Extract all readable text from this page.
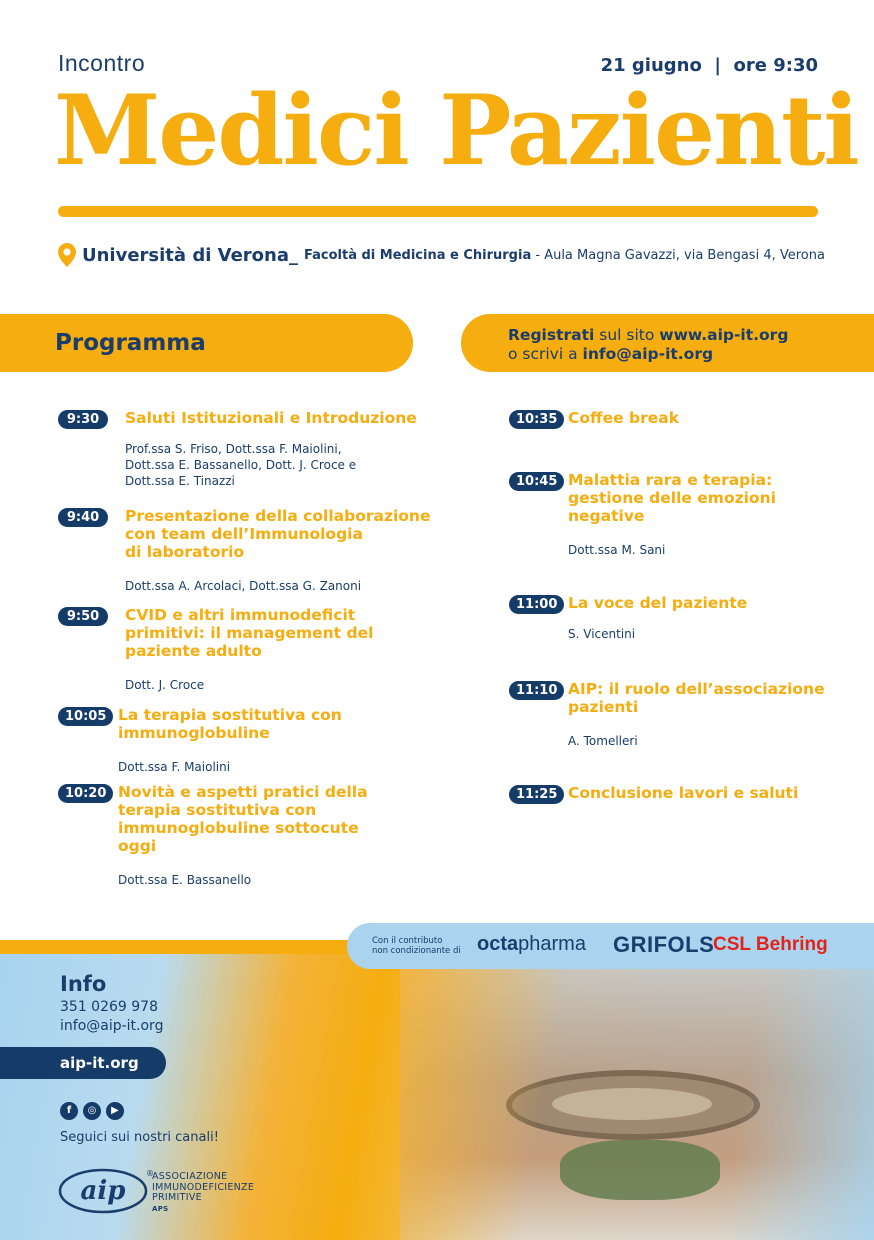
Incontro	21 giugno | ore 9:30
Medici Pazienti
Università di Verona_ Facoltà di Medicina e Chirurgia - Aula Magna Gavazzi, via Bengasi 4, Verona
Programma	Registrati sul sito www.aip-it.org
o scrivi a info@aip-it.org
9:30	Saluti Istituzionali e Introduzione
Prof.ssa S. Friso, Dott.ssa F. Maiolini,
Dott.ssa E. Bassanello, Dott. J. Croce e
Dott.ssa E. Tinazzi
9:40	Presentazione della collaborazione
con team dell’Immunologia
di laboratorio
Dott.ssa A. Arcolaci, Dott.ssa G. Zanoni
9:50	CVID e altri immunodeficit
primitivi: il management del
paziente adulto
Dott. J. Croce
10:05 La terapia sostitutiva con
immunoglobuline
Dott.ssa F. Maiolini
10:20 Novità e aspetti pratici della
terapia sostitutiva con
immunoglobuline sottocute
oggi
Dott.ssa E. Bassanello
10:35 Coffee break
10:45 Malattia rara e terapia:
gestione delle emozioni
negative
Dott.ssa M. Sani
11:00 La voce del paziente
S. Vicentini
11:10 AIP: il ruolo dell’associazione
pazienti
A. Tomelleri
11:25 Conclusione lavori e saluti
Con il contributo
non condizionante di octapharma GRIFOLS
CSL Behring
Info
351 0269 978
info@aip-it.org
aip-it.org
f	◎	▶
Seguici sui nostri canali!
aip
®
ASSOCIAZIONE
IMMUNODEFICIENZE
PRIMITIVE
APS
